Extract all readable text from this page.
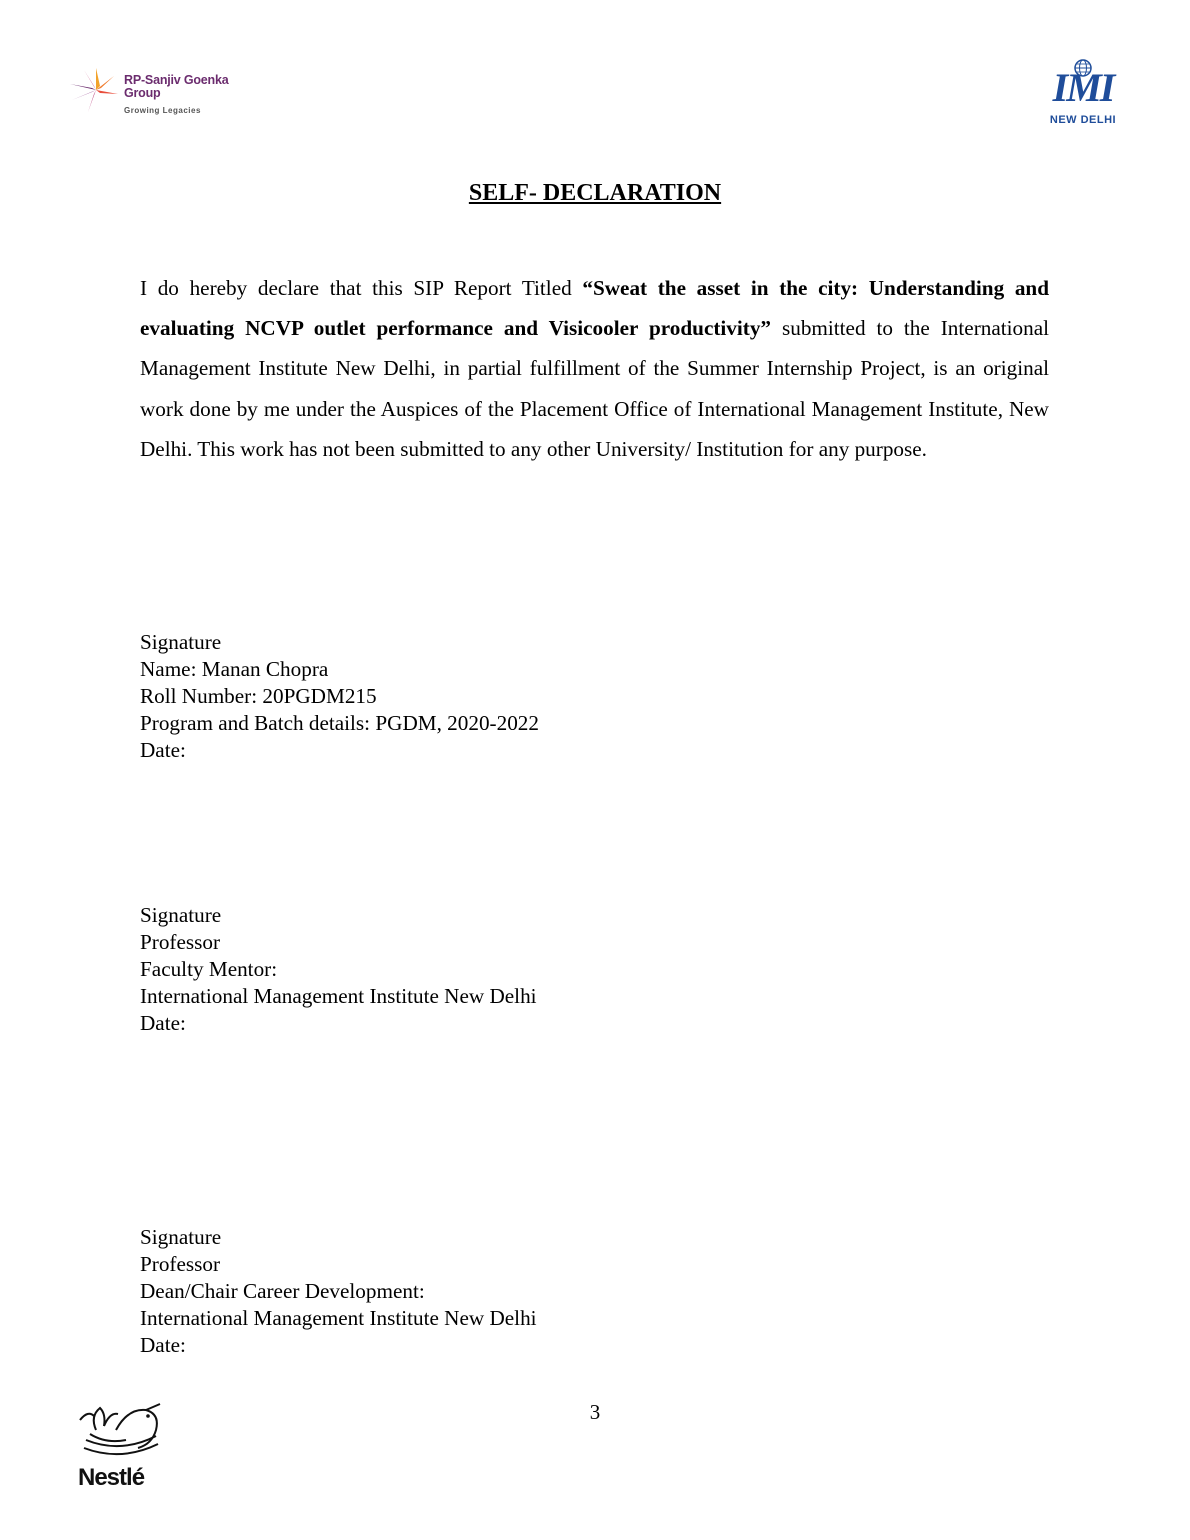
RP-Sanjiv Goenka
Group
Growing Legacies
IMI
NEW DELHI
SELF- DECLARATION
I do hereby declare that this SIP Report Titled “Sweat the asset in the city: Understanding and evaluating NCVP outlet performance and Visicooler productivity” submitted to the International Management Institute New Delhi, in partial fulfillment of the Summer Internship Project, is an original work done by me under the Auspices of the Placement Office of International Management Institute, New Delhi. This work has not been submitted to any other University/ Institution for any purpose.
Signature
Name: Manan Chopra
Roll Number: 20PGDM215
Program and Batch details: PGDM, 2020-2022
Date:
Signature
Professor
Faculty Mentor:
International Management Institute New Delhi
Date:
Signature
Professor
Dean/Chair Career Development:
International Management Institute New Delhi
Date:
3
Nestlé
